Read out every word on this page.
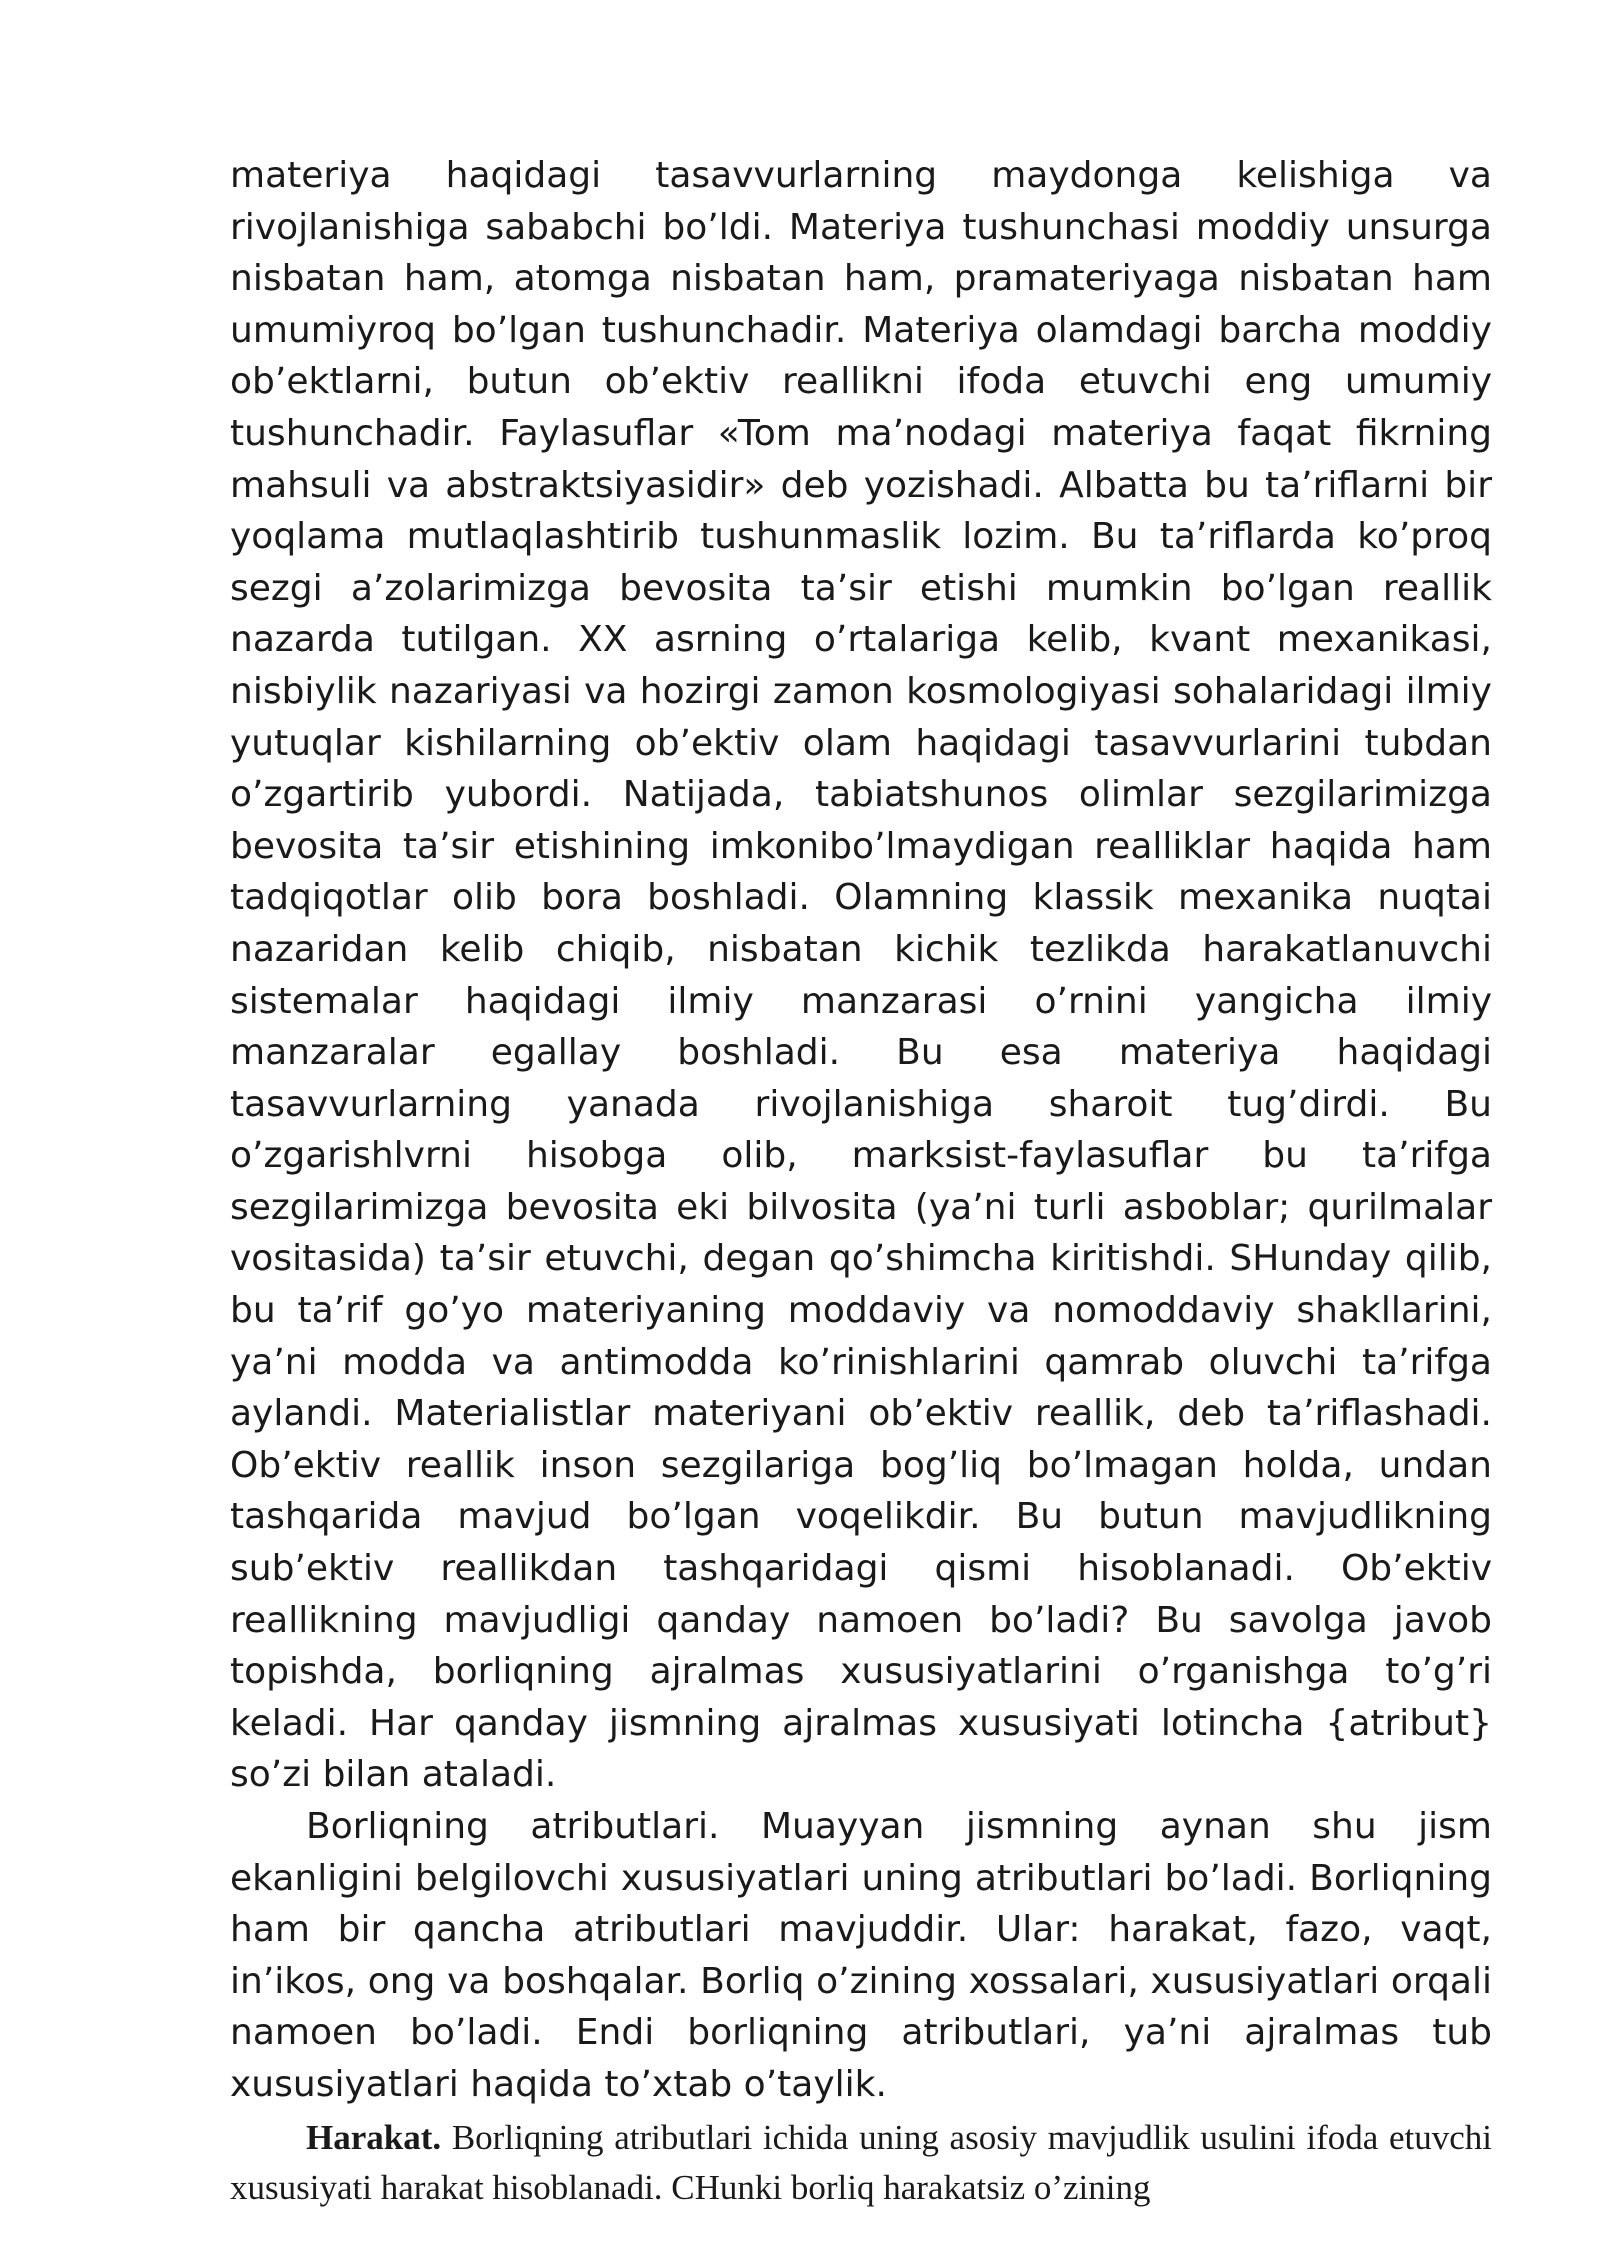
materiya haqidagi tasavvurlarning maydonga kelishiga va rivojlanishiga sababchi bo’ldi. Materiya tushunchasi moddiy unsurga nisbatan ham, atomga nisbatan ham, pramateriyaga nisbatan ham umumiyroq bo’lgan tushunchadir. Materiya olamdagi barcha moddiy ob’ektlarni, butun ob’ektiv reallikni ifoda etuvchi eng umumiy tushunchadir. Faylasuflar «Tom ma’nodagi materiya faqat fikrning mahsuli va abstraktsiyasidir» deb yozishadi. Albatta bu ta’riflarni bir yoqlama mutlaqlashtirib tushunmaslik lozim. Bu ta’riflarda ko’proq sezgi a’zolarimizga bevosita ta’sir etishi mumkin bo’lgan reallik nazarda tutilgan. XX asrning o’rtalariga kelib, kvant mexanikasi, nisbiylik nazariyasi va hozirgi zamon kosmologiyasi sohalaridagi ilmiy yutuqlar kishilarning ob’ektiv olam haqidagi tasavvurlarini tubdan o’zgartirib yubordi. Natijada, tabiatshunos olimlar sezgilarimizga bevosita ta’sir etishining imkonibo’lmaydigan realliklar haqida ham tadqiqotlar olib bora boshladi. Olamning klassik mexanika nuqtai nazaridan kelib chiqib, nisbatan kichik tezlikda harakatlanuvchi sistemalar haqidagi ilmiy manzarasi o’rnini yangicha ilmiy manzaralar egallay boshladi. Bu esa materiya haqidagi tasavvurlarning yanada rivojlanishiga sharoit tug’dirdi. Bu o’zgarishlvrni hisobga olib, marksist-faylasuflar bu ta’rifga sezgilarimizga bevosita eki bilvosita (ya’ni turli asboblar; qurilmalar vositasida) ta’sir etuvchi, degan qo’shimcha kiritishdi. SHunday qilib, bu ta’rif go’yo materiyaning moddaviy va nomoddaviy shakllarini, ya’ni modda va antimodda ko’rinishlarini qamrab oluvchi ta’rifga aylandi. Materialistlar materiyani ob’ektiv reallik, deb ta’riflashadi. Ob’ektiv reallik inson sezgilariga bog’liq bo’lmagan holda, undan tashqarida mavjud bo’lgan voqelikdir. Bu butun mavjudlikning sub’ektiv reallikdan tashqaridagi qismi hisoblanadi. Ob’ektiv reallikning mavjudligi qanday namoen bo’ladi? Bu savolga javob topishda, borliqning ajralmas xususiyatlarini o’rganishga to’g’ri keladi. Har qanday jismning ajralmas xususiyati lotincha {atribut} so’zi bilan ataladi.

Borliqning atributlari. Muayyan jismning aynan shu jism ekanligini belgilovchi xususiyatlari uning atributlari bo’ladi. Borliqning ham bir qancha atributlari mavjuddir. Ular: harakat, fazo, vaqt, in’ikos, ong va boshqalar. Borliq o’zining xossalari, xususiyatlari orqali namoen bo’ladi. Endi borliqning atributlari, ya’ni ajralmas tub xususiyatlari haqida to’xtab o’taylik.

Harakat. Borliqning atributlari ichida uning asosiy mavjudlik usulini ifoda etuvchi xususiyati harakat hisoblanadi. CHunki borliq harakatsiz o’zining
